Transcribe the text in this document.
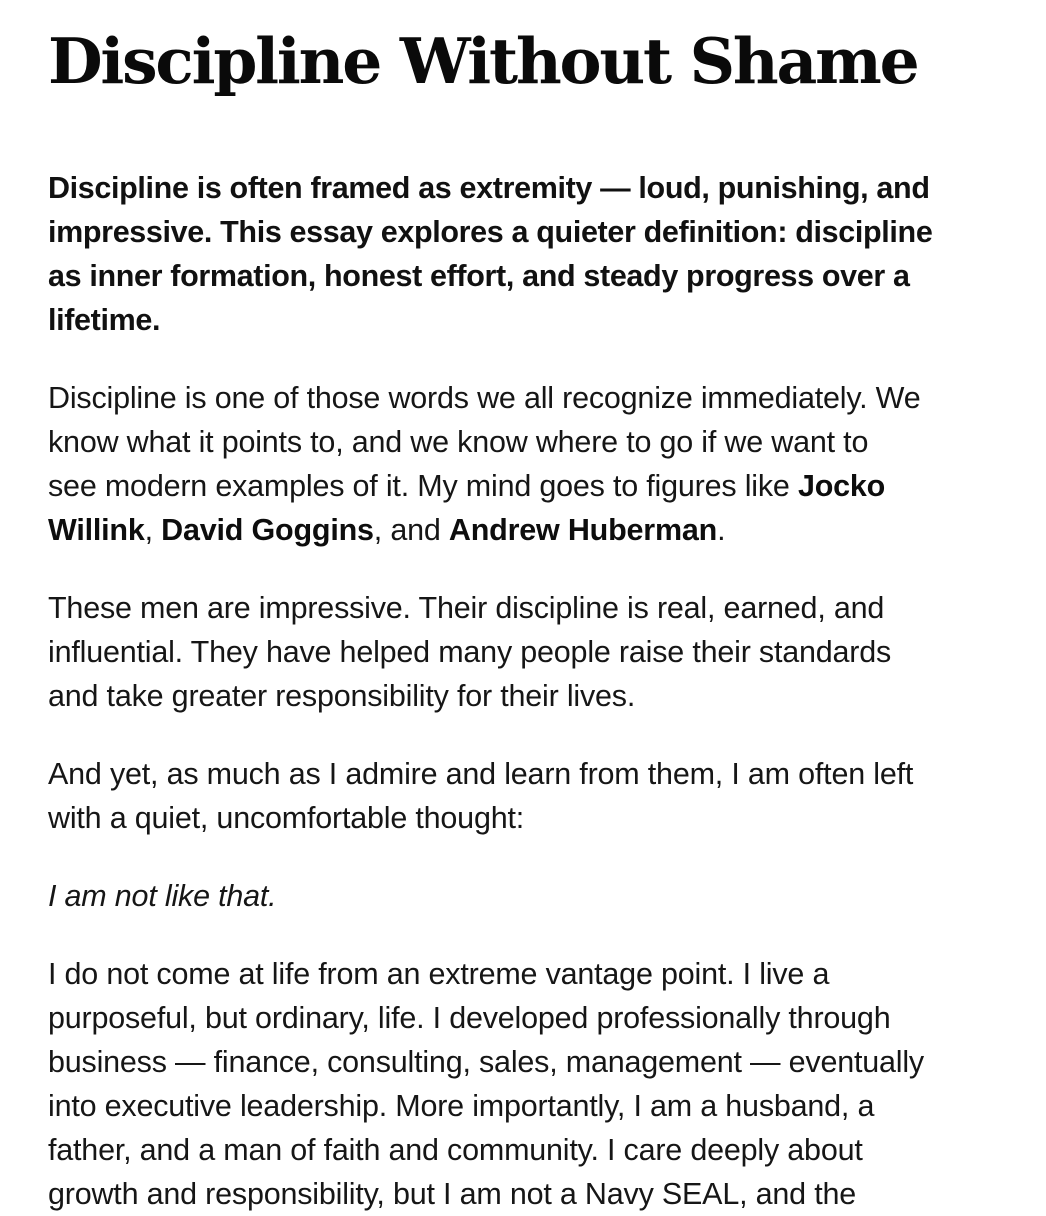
Discipline Without Shame

Discipline is often framed as extremity — loud, punishing, and
impressive. This essay explores a quieter definition: discipline
as inner formation, honest effort, and steady progress over a
lifetime.

Discipline is one of those words we all recognize immediately. We
know what it points to, and we know where to go if we want to
see modern examples of it. My mind goes to figures like Jocko
Willink, David Goggins, and Andrew Huberman.

These men are impressive. Their discipline is real, earned, and
influential. They have helped many people raise their standards
and take greater responsibility for their lives.

And yet, as much as I admire and learn from them, I am often left
with a quiet, uncomfortable thought:

I am not like that.

I do not come at life from an extreme vantage point. I live a
purposeful, but ordinary, life. I developed professionally through
business — finance, consulting, sales, management — eventually
into executive leadership. More importantly, I am a husband, a
father, and a man of faith and community. I care deeply about
growth and responsibility, but I am not a Navy SEAL, and the
